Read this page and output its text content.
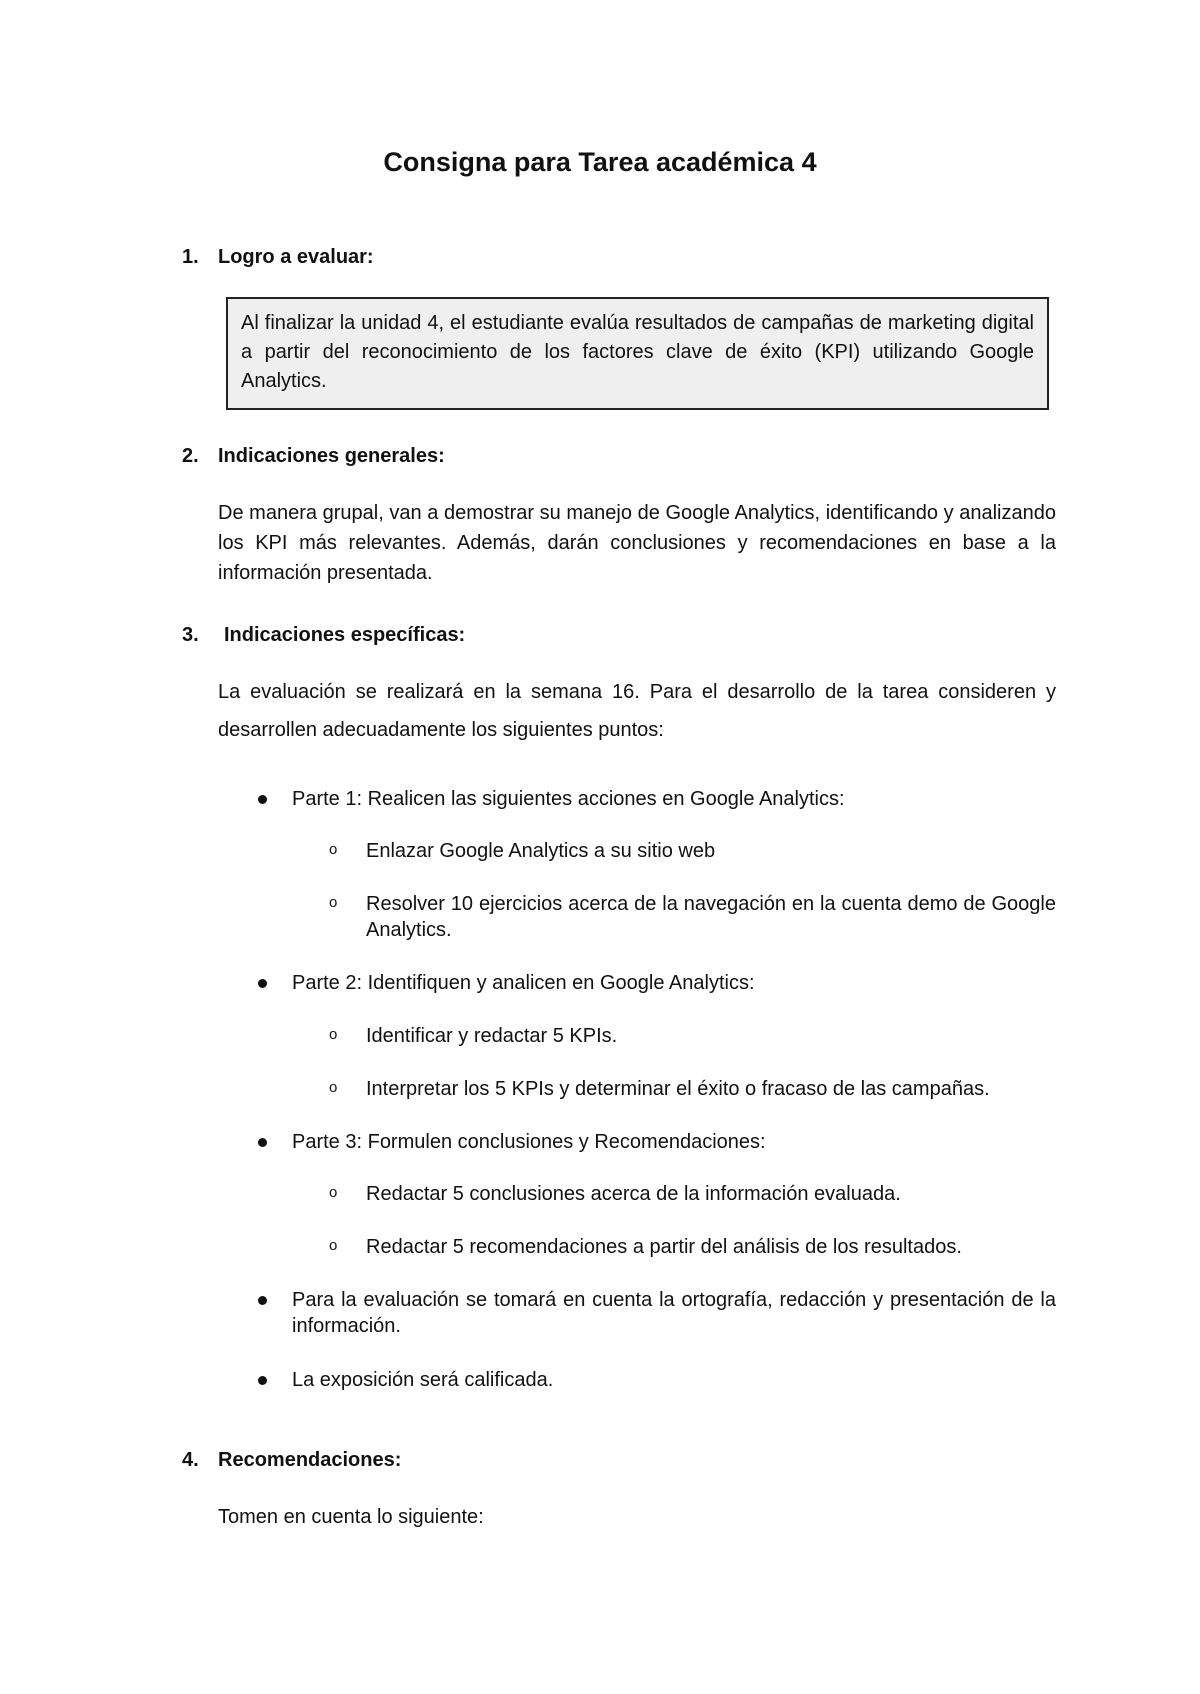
Consigna para Tarea académica 4
1. Logro a evaluar:
Al finalizar la unidad 4, el estudiante evalúa resultados de campañas de marketing digital a partir del reconocimiento de los factores clave de éxito (KPI) utilizando Google Analytics.
2. Indicaciones generales:
De manera grupal, van a demostrar su manejo de Google Analytics, identificando y analizando los KPI más relevantes. Además, darán conclusiones y recomendaciones en base a la información presentada.
3. Indicaciones específicas:
La evaluación se realizará en la semana 16. Para el desarrollo de la tarea consideren y desarrollen adecuadamente los siguientes puntos:
Parte 1: Realicen las siguientes acciones en Google Analytics:
o Enlazar Google Analytics a su sitio web
o Resolver 10 ejercicios acerca de la navegación en la cuenta demo de Google Analytics.
Parte 2: Identifiquen y analicen en Google Analytics:
o Identificar y redactar 5 KPIs.
o Interpretar los 5 KPIs y determinar el éxito o fracaso de las campañas.
Parte 3: Formulen conclusiones y Recomendaciones:
o Redactar 5 conclusiones acerca de la información evaluada.
o Redactar 5 recomendaciones a partir del análisis de los resultados.
Para la evaluación se tomará en cuenta la ortografía, redacción y presentación de la información.
La exposición será calificada.
4. Recomendaciones:
Tomen en cuenta lo siguiente:
